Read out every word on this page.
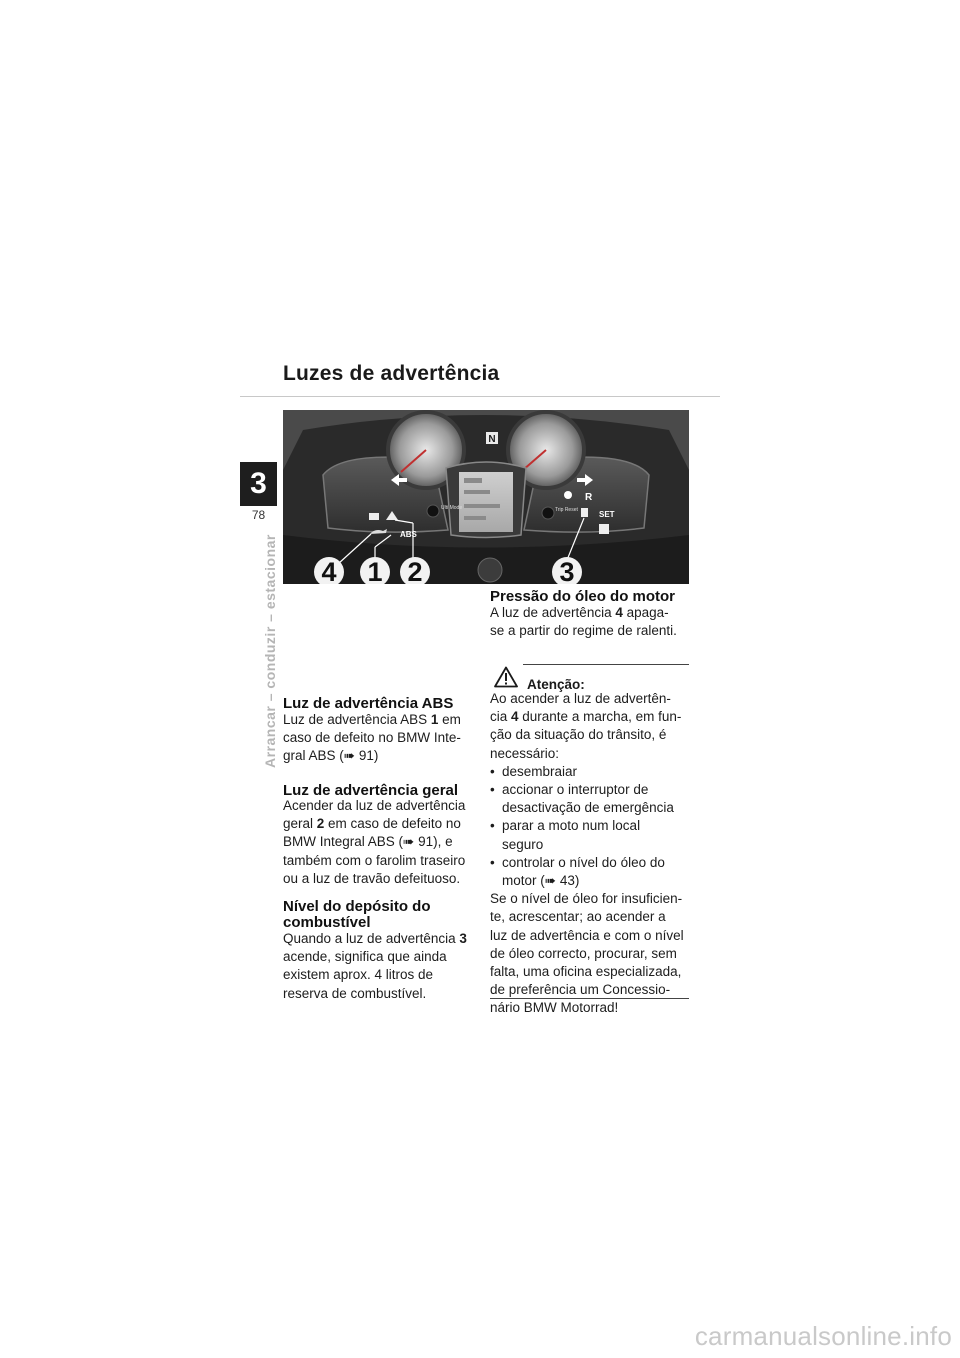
Luzes de advertência
3
78
Arrancar – conduzir – estacionar
N
ABS
Ulti Mode
R
SET
Trip Reset
4 1 2	3
Luz de advertência ABS
Luz de advertência ABS 1 em
caso de defeito no BMW Inte-
gral ABS (➠ 91)
Luz de advertência geral
Acender da luz de advertência
geral 2 em caso de defeito no
BMW Integral ABS (➠ 91), e
também com o farolim traseiro
ou a luz de travão defeituoso.
Nível do depósito do
combustível
Quando a luz de advertência 3
acende, significa que ainda
existem aprox. 4 litros de
reserva de combustível.
Pressão do óleo do motor
A luz de advertência 4 apaga-
se a partir do regime de ralenti.
Atenção:
Ao acender a luz de advertên-
cia 4 durante a marcha, em fun-
ção da situação do trânsito, é
necessário:
• desembraiar
• accionar o interruptor de
desactivação de emergência
• parar a moto num local
seguro
• controlar o nível do óleo do
motor (➠ 43)
Se o nível de óleo for insuficien-
te, acrescentar; ao acender a
luz de advertência e com o nível
de óleo correcto, procurar, sem
falta, uma oficina especializada,
de preferência um Concessio-
nário BMW Motorrad!
carmanualsonline.info
